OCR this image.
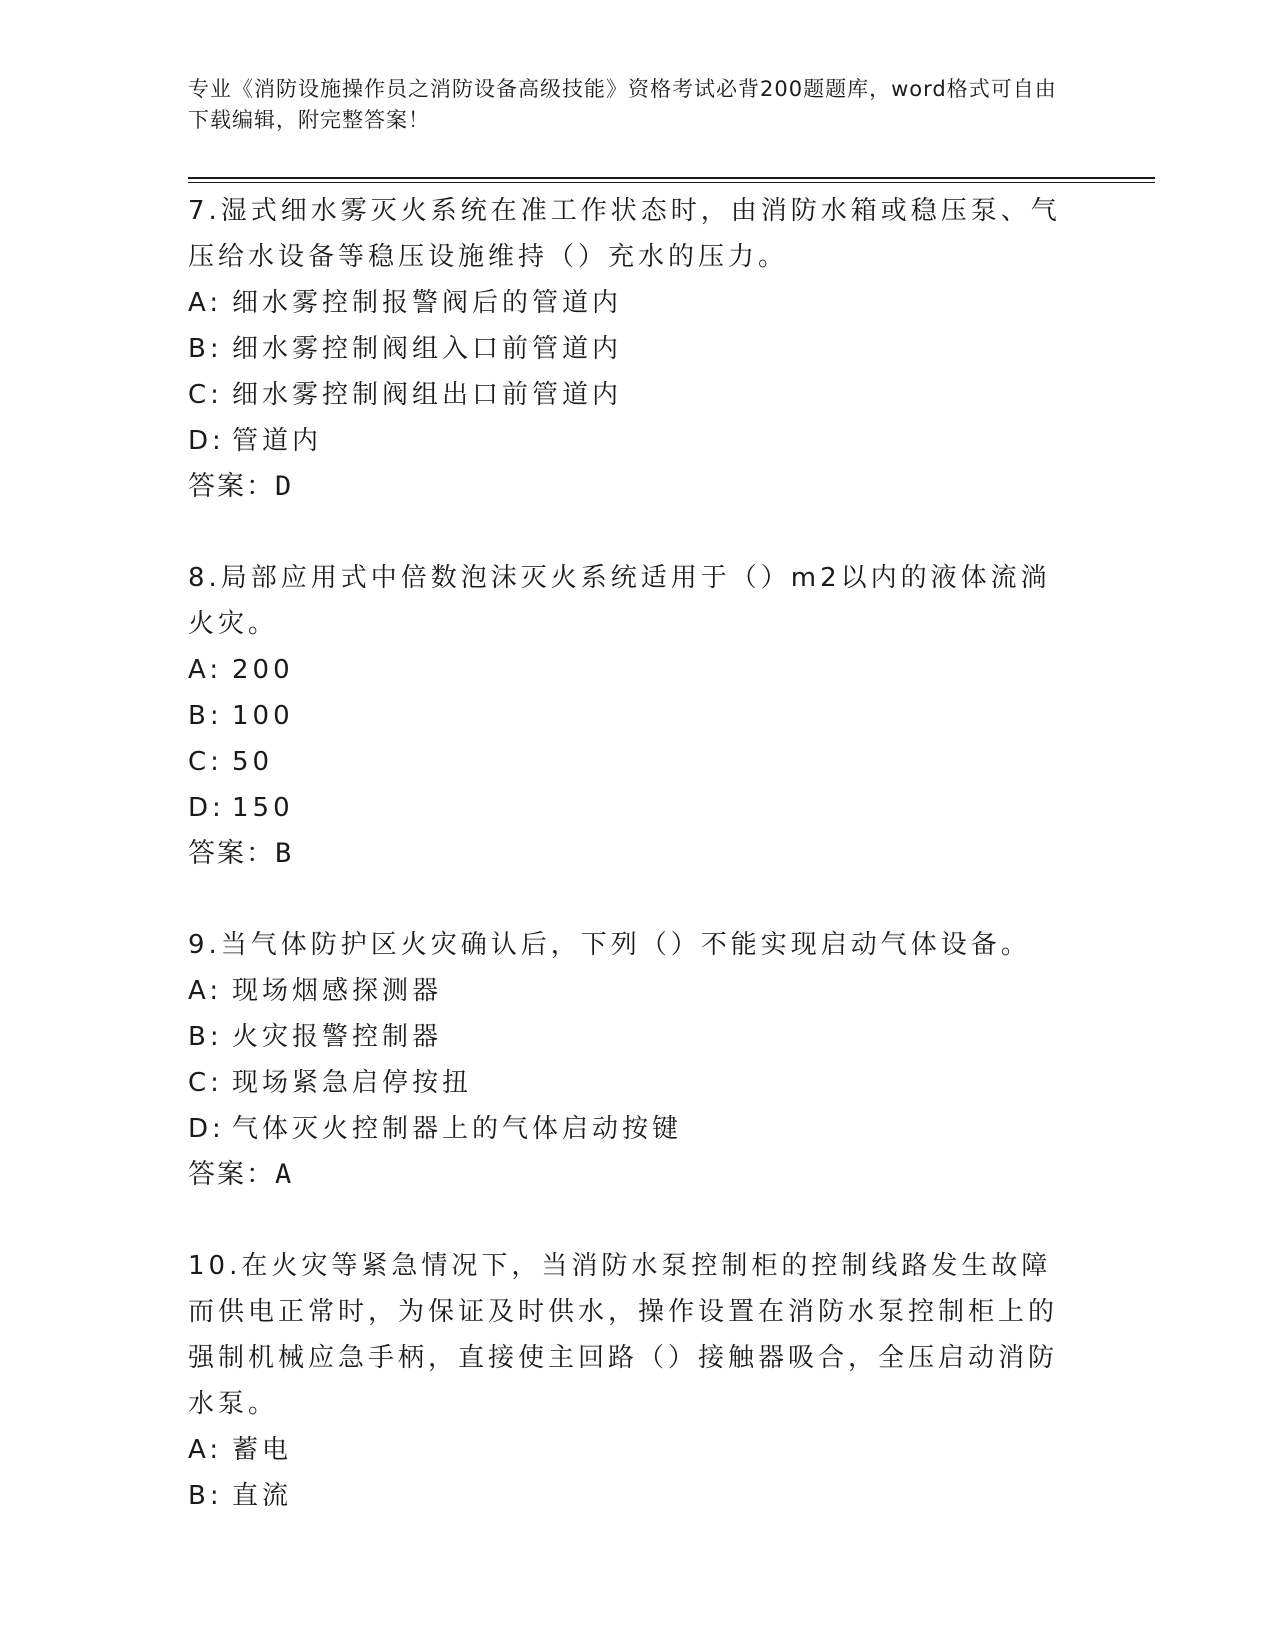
专业《消防设施操作员之消防设备高级技能》资格考试必背200题题库，word格式可自由下载编辑，附完整答案！

7.湿式细水雾灭火系统在准工作状态时，由消防水箱或稳压泵、气压给水设备等稳压设施维持（）充水的压力。

A: 细水雾控制报警阀后的管道内

B: 细水雾控制阀组入口前管道内

C: 细水雾控制阀组出口前管道内

D: 管道内

答案：D

8.局部应用式中倍数泡沫灭火系统适用于（）m2以内的液体流淌火灾。

A: 200

B: 100

C: 50

D: 150

答案：B

9.当气体防护区火灾确认后，下列（）不能实现启动气体设备。

A: 现场烟感探测器

B: 火灾报警控制器

C: 现场紧急启停按扭

D: 气体灭火控制器上的气体启动按键

答案：A

10.在火灾等紧急情况下，当消防水泵控制柜的控制线路发生故障而供电正常时，为保证及时供水，操作设置在消防水泵控制柜上的强制机械应急手柄，直接使主回路（）接触器吸合，全压启动消防水泵。

A: 蓄电

B: 直流
